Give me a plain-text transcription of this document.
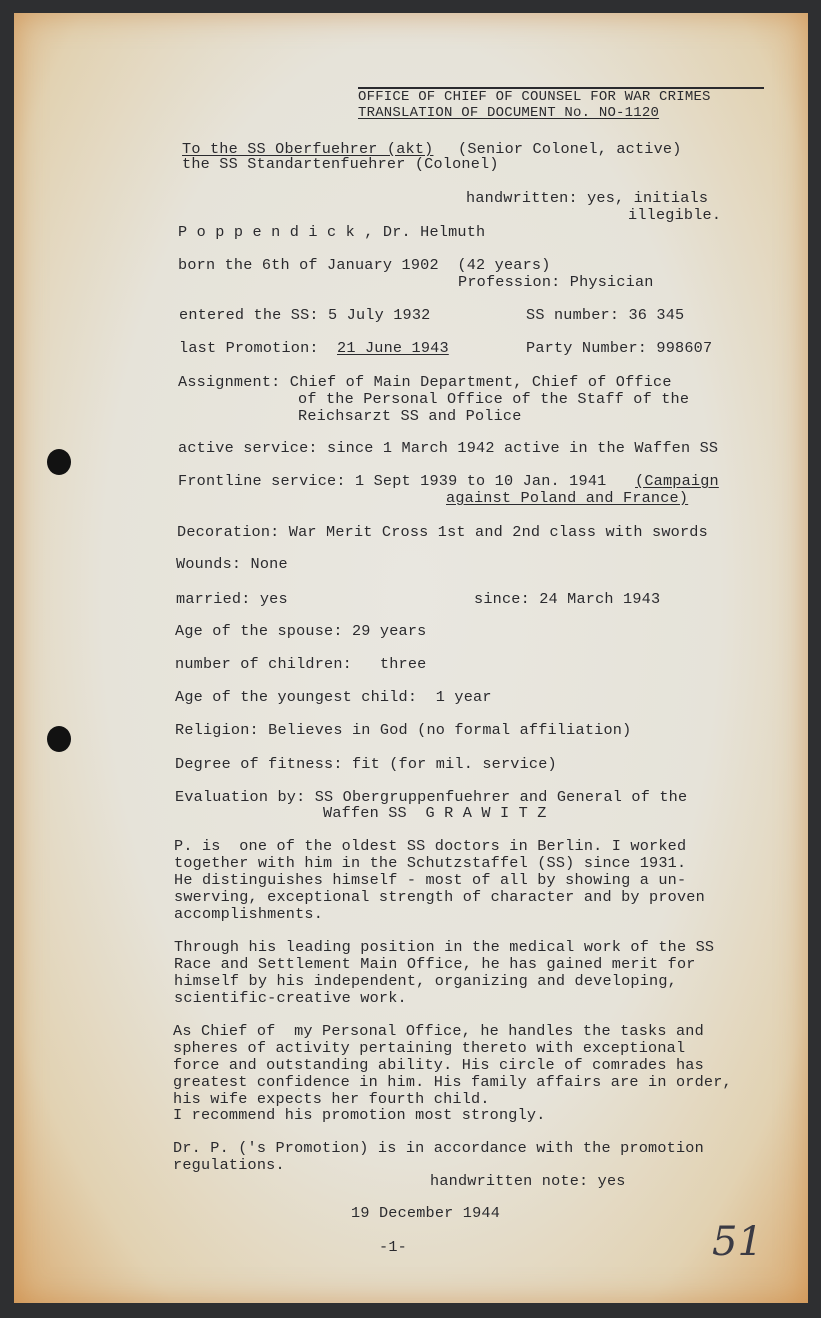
OFFICE OF CHIEF OF COUNSEL FOR WAR CRIMES
TRANSLATION OF DOCUMENT No. NO-1120
To the SS Oberfuehrer (akt) (Senior Colonel, active)
the SS Standartenfuehrer (Colonel)
handwritten: yes, initials
illegible.
P o p p e n d i c k , Dr. Helmuth
born the 6th of January 1902  (42 years)
Profession: Physician
entered the SS: 5 July 1932	SS number: 36 345
last Promotion: 21 June 1943	Party Number: 998607
Assignment: Chief of Main Department, Chief of Office
of the Personal Office of the Staff of the
Reichsarzt SS and Police
active service: since 1 March 1942 active in the Waffen SS
Frontline service: 1 Sept 1939 to 10 Jan. 1941 (Campaign
against Poland and France)
Decoration: War Merit Cross 1st and 2nd class with swords
Wounds: None
married: yes	since: 24 March 1943
Age of the spouse: 29 years
number of children:   three
Age of the youngest child:  1 year
Religion: Believes in God (no formal affiliation)
Degree of fitness: fit (for mil. service)
Evaluation by: SS Obergruppenfuehrer and General of the
Waffen SS  G R A W I T Z
P. is  one of the oldest SS doctors in Berlin. I worked
together with him in the Schutzstaffel (SS) since 1931.
He distinguishes himself - most of all by showing a un-
swerving, exceptional strength of character and by proven
accomplishments.
Through his leading position in the medical work of the SS
Race and Settlement Main Office, he has gained merit for
himself by his independent, organizing and developing,
scientific-creative work.
As Chief of  my Personal Office, he handles the tasks and
spheres of activity pertaining thereto with exceptional
force and outstanding ability. His circle of comrades has
greatest confidence in him. His family affairs are in order,
his wife expects her fourth child.
I recommend his promotion most strongly.
Dr. P. ('s Promotion) is in accordance with the promotion
regulations.
handwritten note: yes
19 December 1944
-1-	51
